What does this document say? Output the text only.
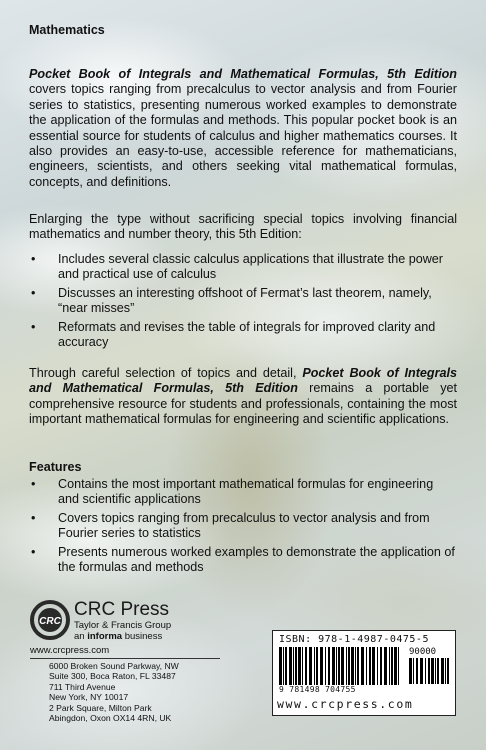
Mathematics
Pocket Book of Integrals and Mathematical Formulas, 5th Edition covers topics ranging from precalculus to vector analysis and from Fourier series to statistics, presenting numerous worked examples to demonstrate the application of the formulas and methods. This popular pocket book is an essential source for students of calculus and higher mathematics courses. It also provides an easy-to-use, accessible reference for mathematicians, engineers, scientists, and others seeking vital mathematical formulas, concepts, and definitions.
Enlarging the type without sacrificing special topics involving financial mathematics and number theory, this 5th Edition:
• Includes several classic calculus applications that illustrate the power and practical use of calculus
• Discusses an interesting offshoot of Fermat’s last theorem, namely, “near misses”
• Reformats and revises the table of integrals for improved clarity and accuracy
Through careful selection of topics and detail, Pocket Book of Integrals and Mathematical Formulas, 5th Edition remains a portable yet comprehensive resource for students and professionals, containing the most important mathematical formulas for engineering and scientific applications.
Features
• Contains the most important mathematical formulas for engineering and scientific applications
• Covers topics ranging from precalculus to vector analysis and from Fourier series to statistics
• Presents numerous worked examples to demonstrate the application of the formulas and methods
CRC
CRC Press
Taylor & Francis Group
an informa business
www.crcpress.com
6000 Broken Sound Parkway, NW
Suite 300, Boca Raton, FL 33487
711 Third Avenue
New York, NY 10017
2 Park Square, Milton Park
Abingdon, Oxon OX14 4RN, UK
ISBN: 978-1-4987-0475-5
90000
9 781498 704755
www.crcpress.com
